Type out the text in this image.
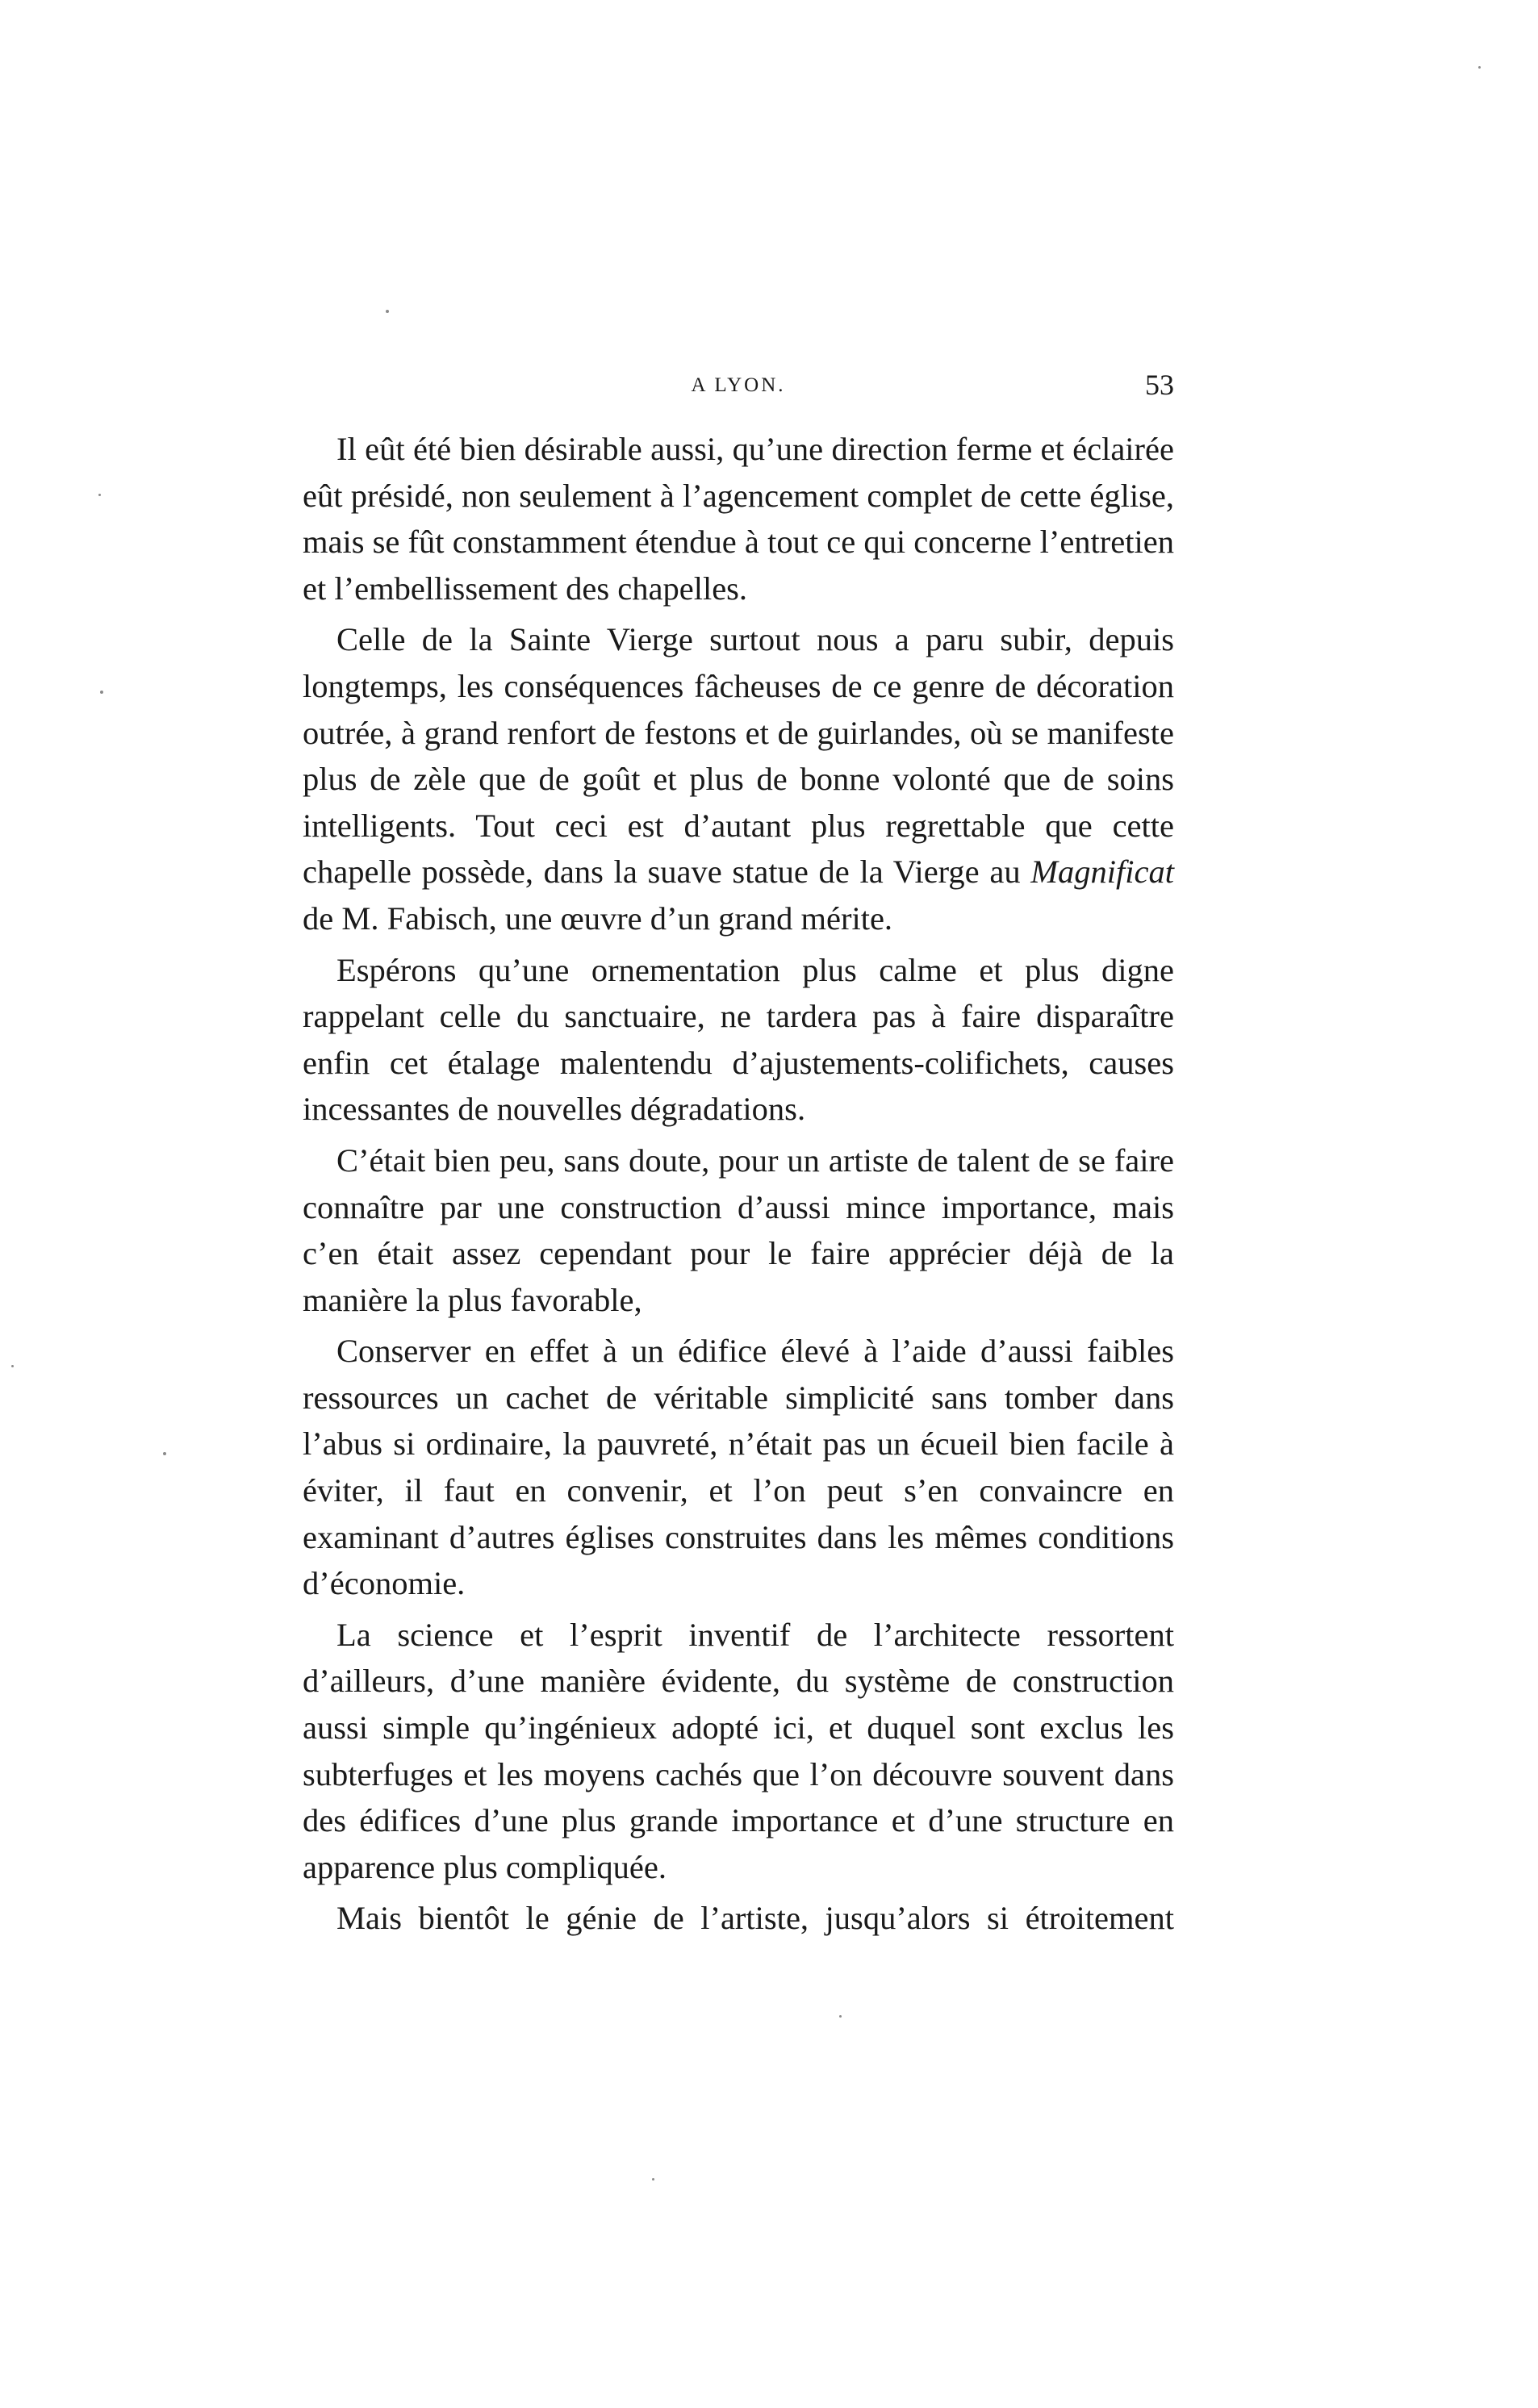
A LYON.	53

Il eût été bien désirable aussi, qu’une direction ferme et éclairée eût présidé, non seulement à l’agencement complet de cette église, mais se fût constamment étendue à tout ce qui concerne l’entretien et l’embellissement des chapelles.

Celle de la Sainte Vierge surtout nous a paru subir, depuis longtemps, les conséquences fâcheuses de ce genre de décoration outrée, à grand renfort de festons et de guirlandes, où se manifeste plus de zèle que de goût et plus de bonne volonté que de soins intelligents. Tout ceci est d’autant plus regrettable que cette chapelle possède, dans la suave statue de la Vierge au Magnificat de M. Fabisch, une œuvre d’un grand mérite.

Espérons qu’une ornementation plus calme et plus digne rappelant celle du sanctuaire, ne tardera pas à faire disparaître enfin cet étalage malentendu d’ajustements-colifichets, causes incessantes de nouvelles dégradations.

C’était bien peu, sans doute, pour un artiste de talent de se faire connaître par une construction d’aussi mince importance, mais c’en était assez cependant pour le faire apprécier déjà de la manière la plus favorable,

Conserver en effet à un édifice élevé à l’aide d’aussi faibles ressources un cachet de véritable simplicité sans tomber dans l’abus si ordinaire, la pauvreté, n’était pas un écueil bien facile à éviter, il faut en convenir, et l’on peut s’en convaincre en examinant d’autres églises construites dans les mêmes conditions d’économie.

La science et l’esprit inventif de l’architecte ressortent d’ailleurs, d’une manière évidente, du système de construction aussi simple qu’ingénieux adopté ici, et duquel sont exclus les subterfuges et les moyens cachés que l’on découvre souvent dans des édifices d’une plus grande importance et d’une structure en apparence plus compliquée.

Mais bientôt le génie de l’artiste, jusqu’alors si étroitement
